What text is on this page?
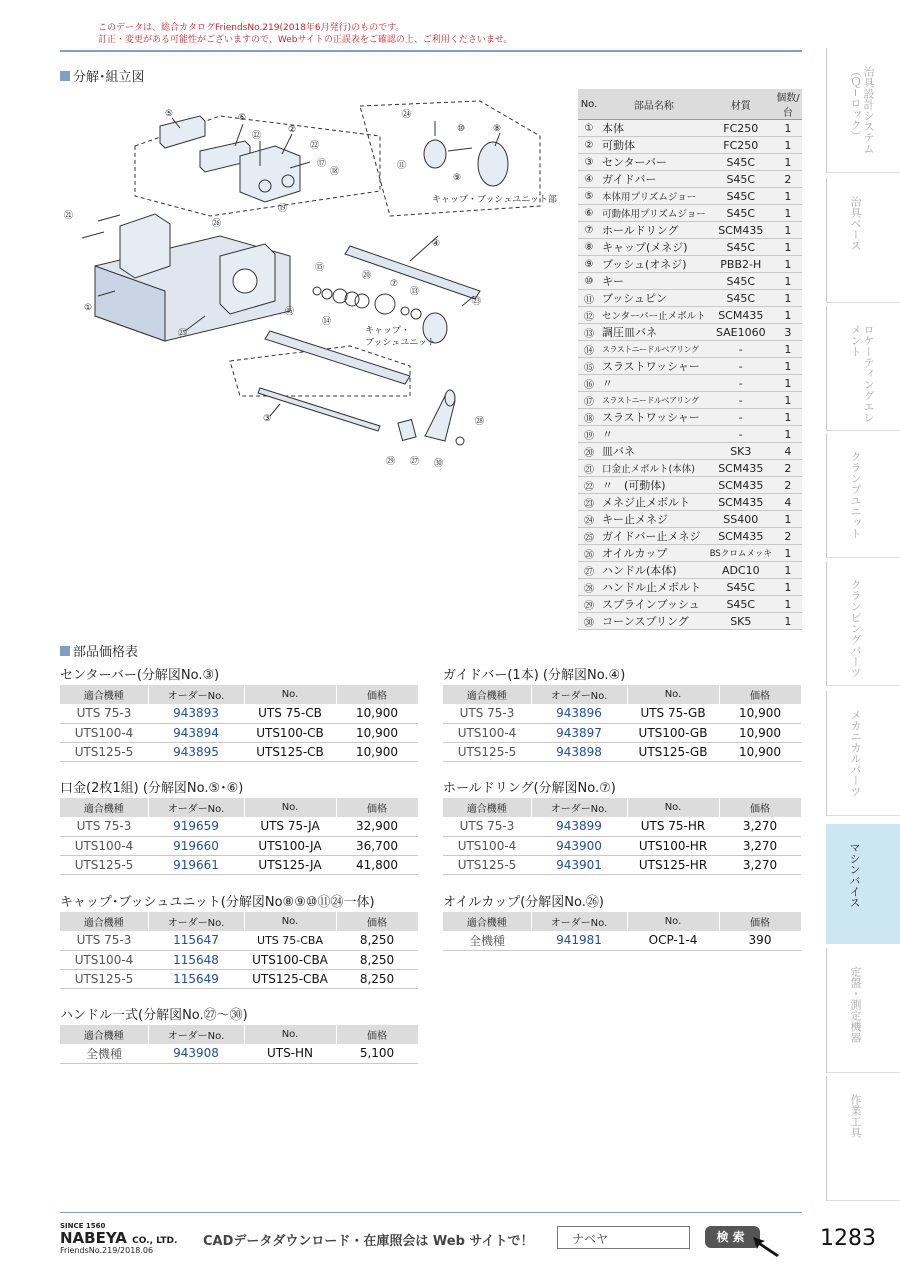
このデータは、総合カタログFriendsNo.219(2018年6月発行)のものです。
訂正・変更がある可能性がございますので、Webサイトの正誤表をご確認の上、ご利用くださいませ。
分解･組立図
⑤	⑥
⑫
②
㉒
⑰
⑱
⑲
㉑
㉔
⑩	⑧
⑪
⑨
㉖
④
⑮
⑳
⑦
⑬
⑯
⑭
㉓
①
㉕
③	㉘
㉙ ㉗ ㉚
キャップ・ブッシュユニット部
キャップ・
ブッシュユニット
No.	部品名称	材質	個数/台
①	本体	FC250	1
②	可動体	FC250	1
③	センターバー	S45C	1
④	ガイドバー	S45C	2
⑤	本体用プリズムジョー	S45C	1
⑥	可動体用プリズムジョー	S45C	1
⑦	ホールドリング	SCM435	1
⑧	キャップ(メネジ)	S45C	1
⑨	ブッシュ(オネジ)	PBB2-H	1
⑩	キー	S45C	1
⑪	ブッシュピン	S45C	1
⑫	センターバー止メボルト	SCM435	1
⑬	調圧皿バネ	SAE1060	3
⑭	スラストニードルベアリング	-	1
⑮	スラストワッシャー	-	1
⑯	〃	-	1
⑰	スラストニードルベアリング	-	1
⑱	スラストワッシャー	-	1
⑲	〃	-	1
⑳	皿バネ	SK3	4
㉑	口金止メボルト(本体)	SCM435	2
㉒	〃　(可動体)	SCM435	2
㉓	メネジ止メボルト	SCM435	4
㉔	キー止メネジ	SS400	1
㉕	ガイドバー止メネジ	SCM435	2
㉖	オイルカップ	BSクロムメッキ	1
㉗	ハンドル(本体)	ADC10	1
㉘	ハンドル止メボルト	S45C	1
㉙	スプラインブッシュ	S45C	1
㉚	コーンスプリング	SK5	1
治具設計システム（Ｑ−ロック）
治具ベース
ロケーティングエレメント
クランプユニット
クランピングパーツ
メカニカルパーツ
マシンバイス
定盤・測定機器
作業工具
部品価格表
センターバー(分解図No.③)
適合機種	オーダーNo.	No.	価格
UTS 75-3	943893	UTS 75-CB	10,900
UTS100-4	943894	UTS100-CB	10,900
UTS125-5	943895	UTS125-CB	10,900
ガイドバー(1本) (分解図No.④)
適合機種	オーダーNo.	No.	価格
UTS 75-3	943896	UTS 75-GB	10,900
UTS100-4	943897	UTS100-GB	10,900
UTS125-5	943898	UTS125-GB	10,900
口金(2枚1組) (分解図No.⑤･⑥)
適合機種	オーダーNo.	No.	価格
UTS 75-3	919659	UTS 75-JA	32,900
UTS100-4	919660	UTS100-JA	36,700
UTS125-5	919661	UTS125-JA	41,800
ホールドリング(分解図No.⑦)
適合機種	オーダーNo.	No.	価格
UTS 75-3	943899	UTS 75-HR	3,270
UTS100-4	943900	UTS100-HR	3,270
UTS125-5	943901	UTS125-HR	3,270
キャップ･ブッシュユニット(分解図No⑧⑨⑩⑪㉔一体)
適合機種	オーダーNo.	No.	価格
UTS 75-3	115647	UTS 75-CBA	8,250
UTS100-4	115648	UTS100-CBA	8,250
UTS125-5	115649	UTS125-CBA	8,250
オイルカップ(分解図No.㉖)
適合機種	オーダーNo.	No.	価格
全機種	941981	OCP-1-4	390
ハンドル一式(分解図No.㉗～㉚)
適合機種	オーダーNo.	No.	価格
全機種	943908	UTS-HN	5,100
SINCE 1560
NABEYA CO., LTD.
FriendsNo.219/2018.06
CADデータダウンロード・在庫照会は Web サイトで！	ナベヤ	検索	1283
